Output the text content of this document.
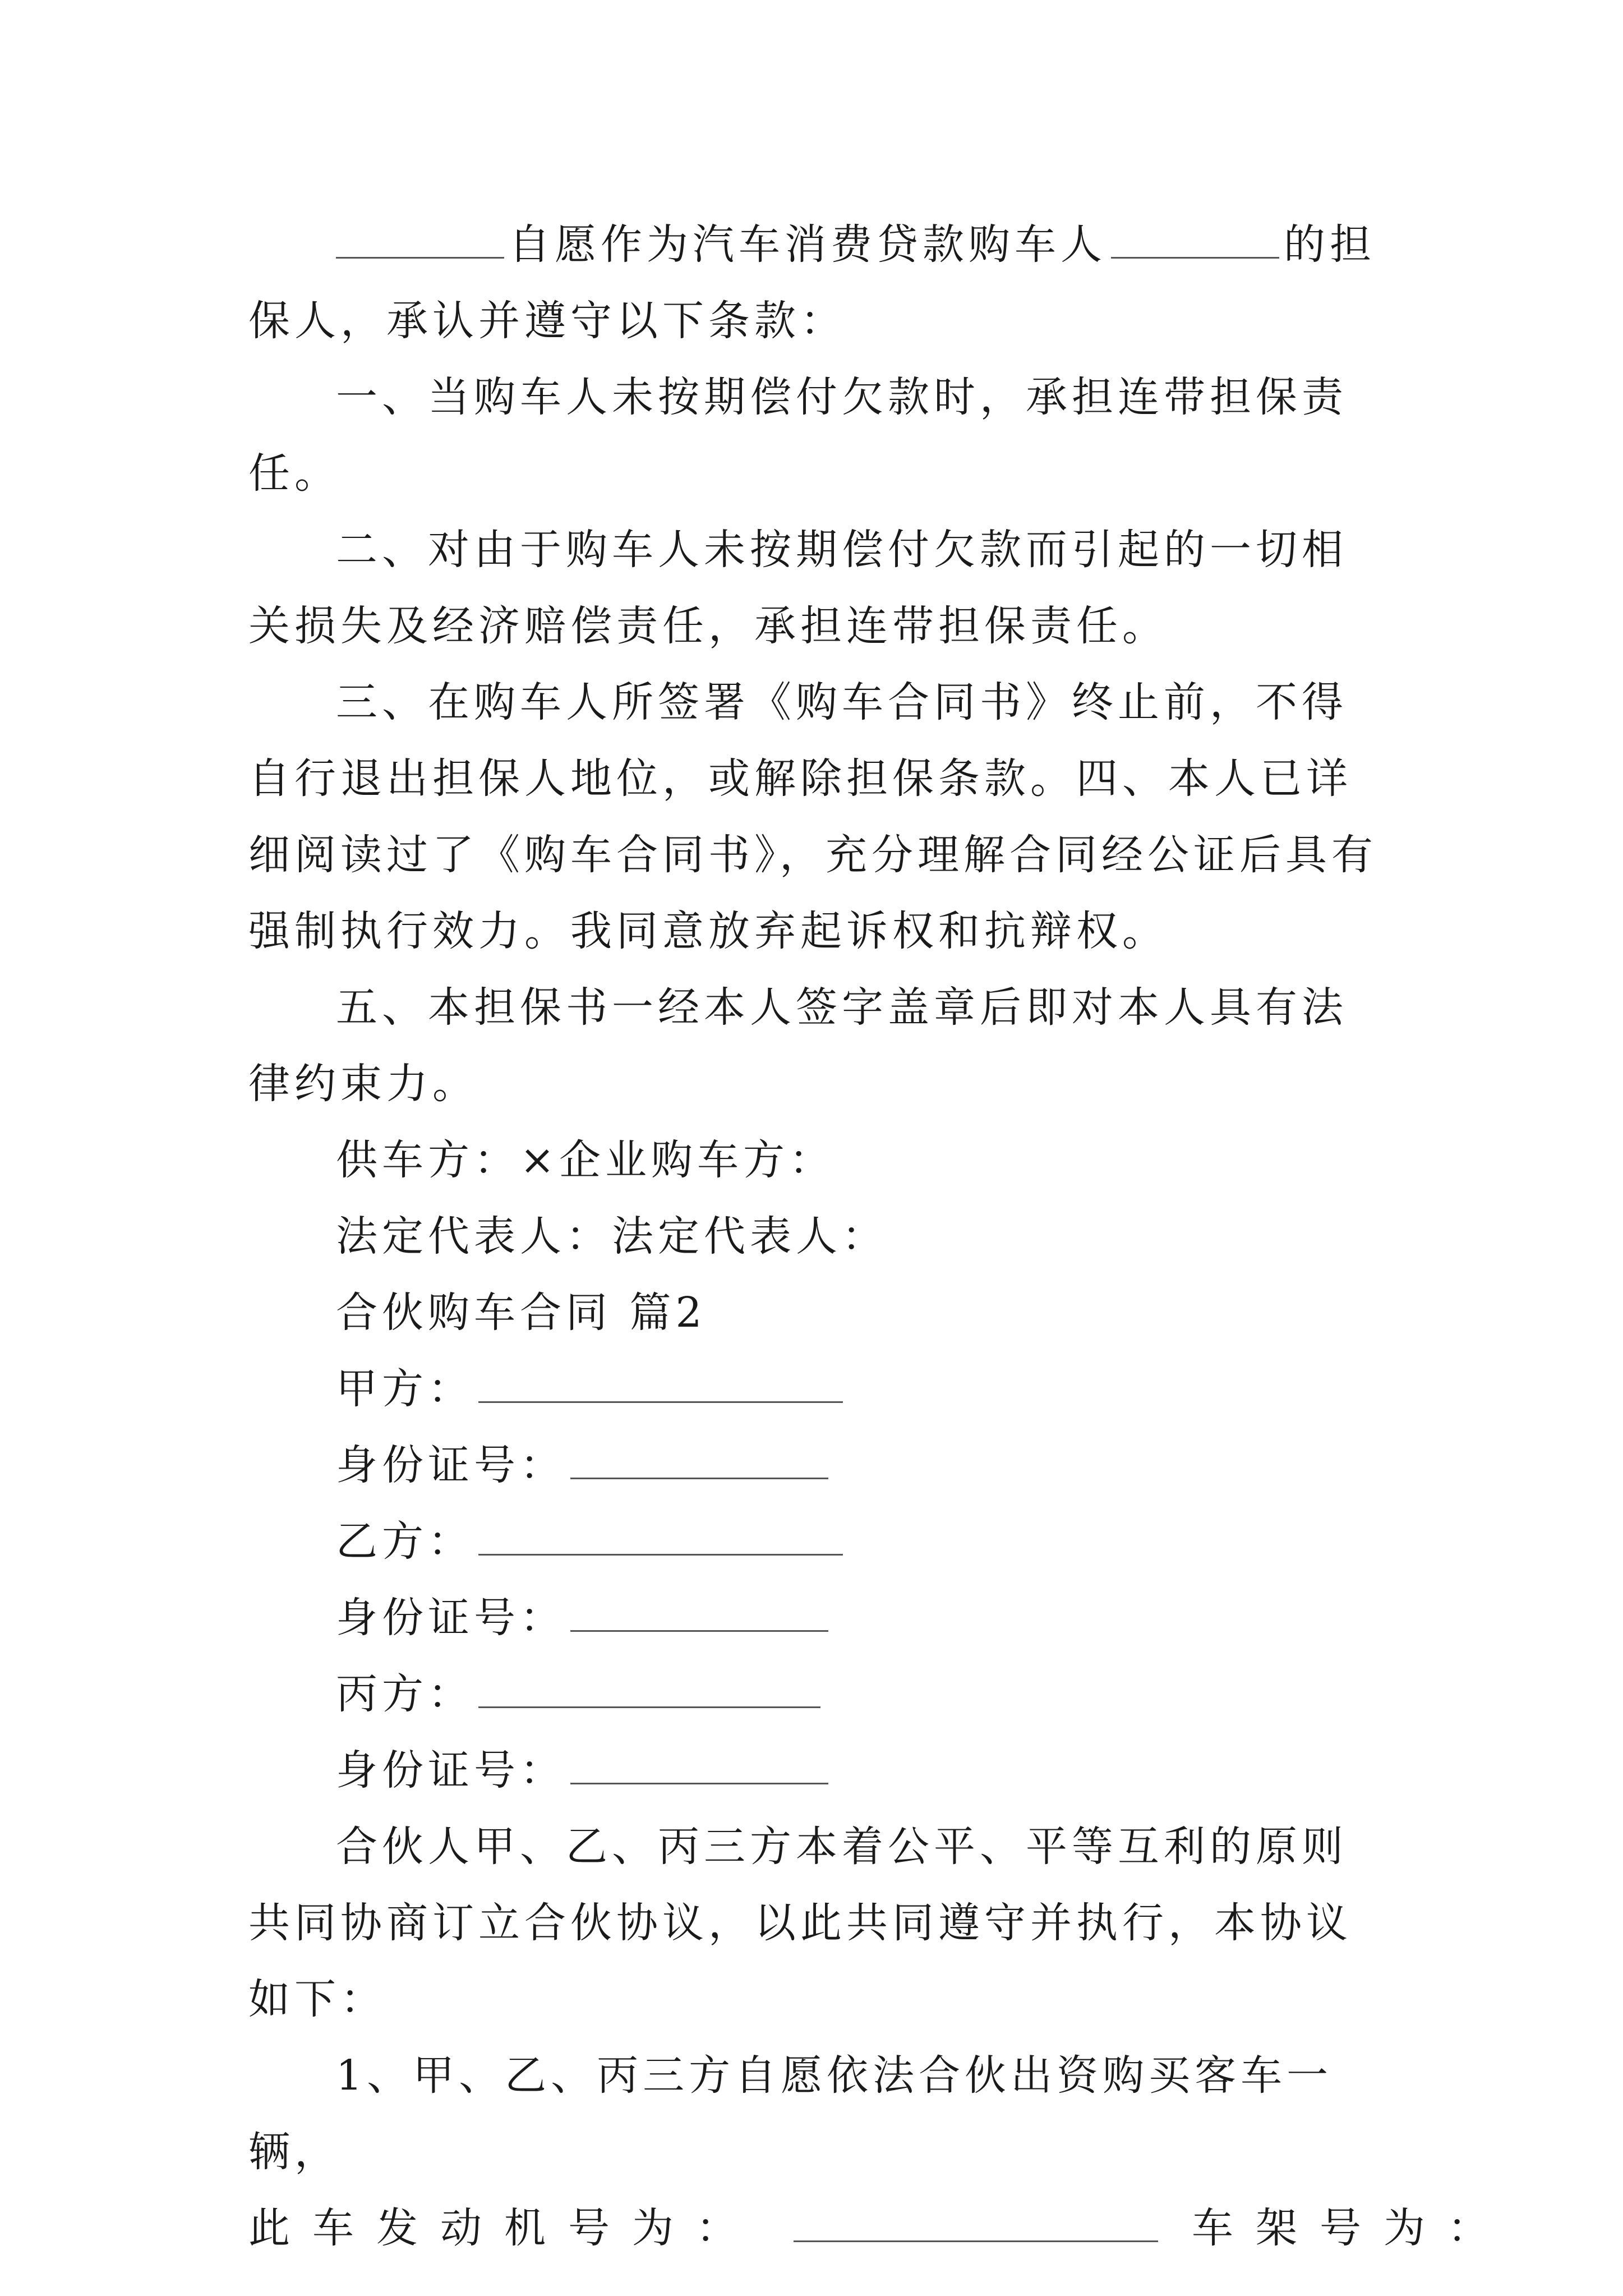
自愿作为汽车消费贷款购车人	的担保人，承认并遵守以下条款：

一、当购车人未按期偿付欠款时，承担连带担保责任。

二、对由于购车人未按期偿付欠款而引起的一切相关损失及经济赔偿责任，承担连带担保责任。

三、在购车人所签署《购车合同书》终止前，不得自行退出担保人地位，或解除担保条款。四、本人已详细阅读过了《购车合同书》，充分理解合同经公证后具有强制执行效力。我同意放弃起诉权和抗辩权。

五、本担保书一经本人签字盖章后即对本人具有法律约束力。

供车方：×企业购车方：

法定代表人：法定代表人：

合伙购车合同 篇2

甲方：

身份证号：

乙方：

身份证号：

丙方：

身份证号：

合伙人甲、乙、丙三方本着公平、平等互利的原则共同协商订立合伙协议，以此共同遵守并执行，本协议如下：

1、甲、乙、丙三方自愿依法合伙出资购买客车一辆，

此车发动机号为：	车架号为：
